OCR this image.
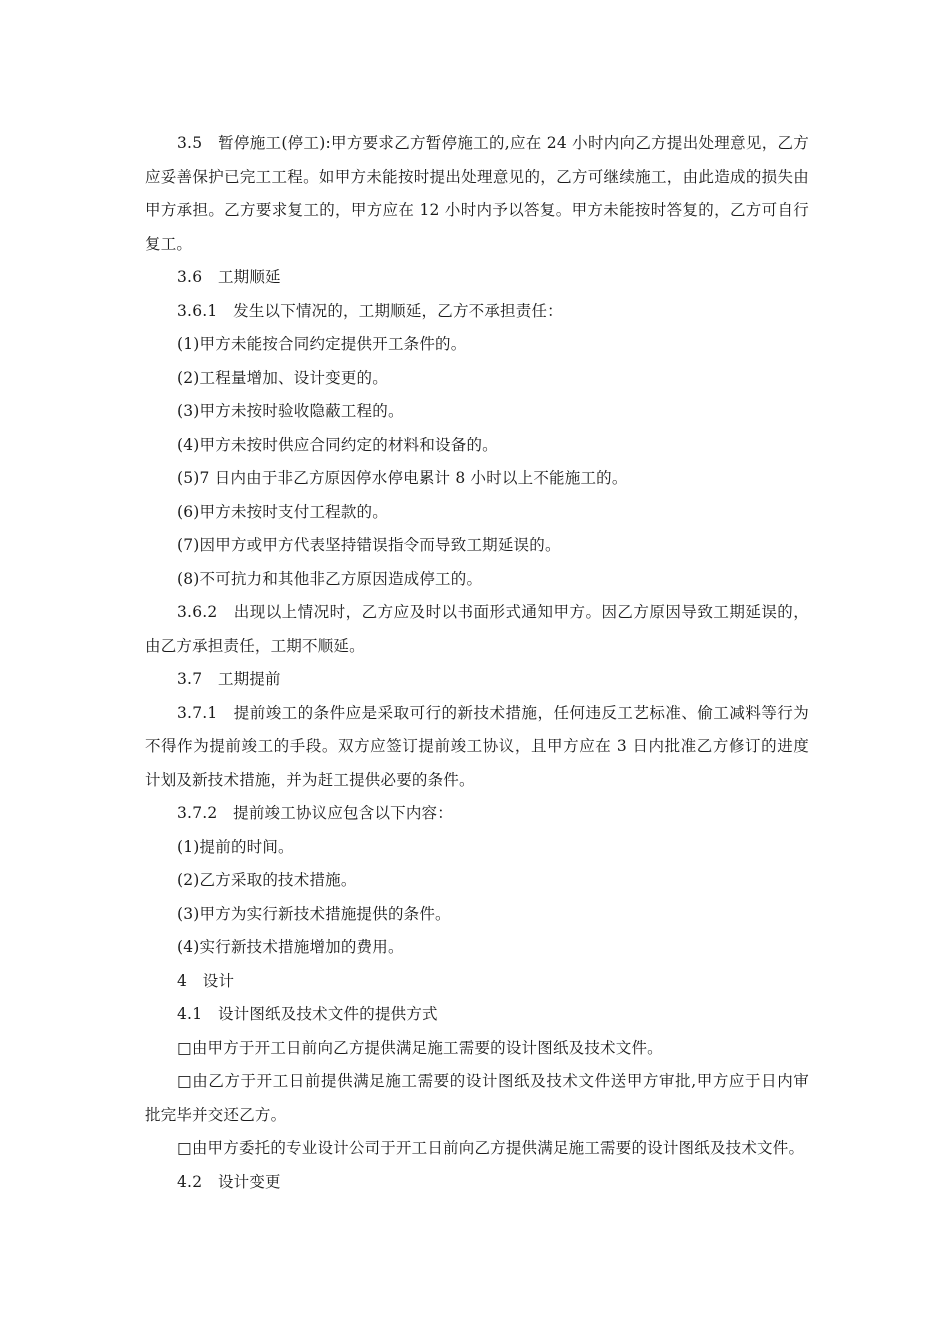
3.5　暂停施工(停工):甲方要求乙方暂停施工的,应在 24 小时内向乙方提出处理意见，乙方应妥善保护已完工工程。如甲方未能按时提出处理意见的，乙方可继续施工，由此造成的损失由甲方承担。乙方要求复工的，甲方应在 12 小时内予以答复。甲方未能按时答复的，乙方可自行复工。

3.6　工期顺延

3.6.1　发生以下情况的，工期顺延，乙方不承担责任：

(1)甲方未能按合同约定提供开工条件的。

(2)工程量增加、设计变更的。

(3)甲方未按时验收隐蔽工程的。

(4)甲方未按时供应合同约定的材料和设备的。

(5)7 日内由于非乙方原因停水停电累计 8 小时以上不能施工的。

(6)甲方未按时支付工程款的。

(7)因甲方或甲方代表坚持错误指令而导致工期延误的。

(8)不可抗力和其他非乙方原因造成停工的。

3.6.2　出现以上情况时，乙方应及时以书面形式通知甲方。因乙方原因导致工期延误的，由乙方承担责任，工期不顺延。

3.7　工期提前

3.7.1　提前竣工的条件应是采取可行的新技术措施，任何违反工艺标准、偷工减料等行为不得作为提前竣工的手段。双方应签订提前竣工协议，且甲方应在 3 日内批准乙方修订的进度计划及新技术措施，并为赶工提供必要的条件。

3.7.2　提前竣工协议应包含以下内容：

(1)提前的时间。

(2)乙方采取的技术措施。

(3)甲方为实行新技术措施提供的条件。

(4)实行新技术措施增加的费用。

4　设计

4.1　设计图纸及技术文件的提供方式

□由甲方于开工日前向乙方提供满足施工需要的设计图纸及技术文件。

□由乙方于开工日前提供满足施工需要的设计图纸及技术文件送甲方审批,甲方应于日内审批完毕并交还乙方。

□由甲方委托的专业设计公司于开工日前向乙方提供满足施工需要的设计图纸及技术文件。

4.2　设计变更
